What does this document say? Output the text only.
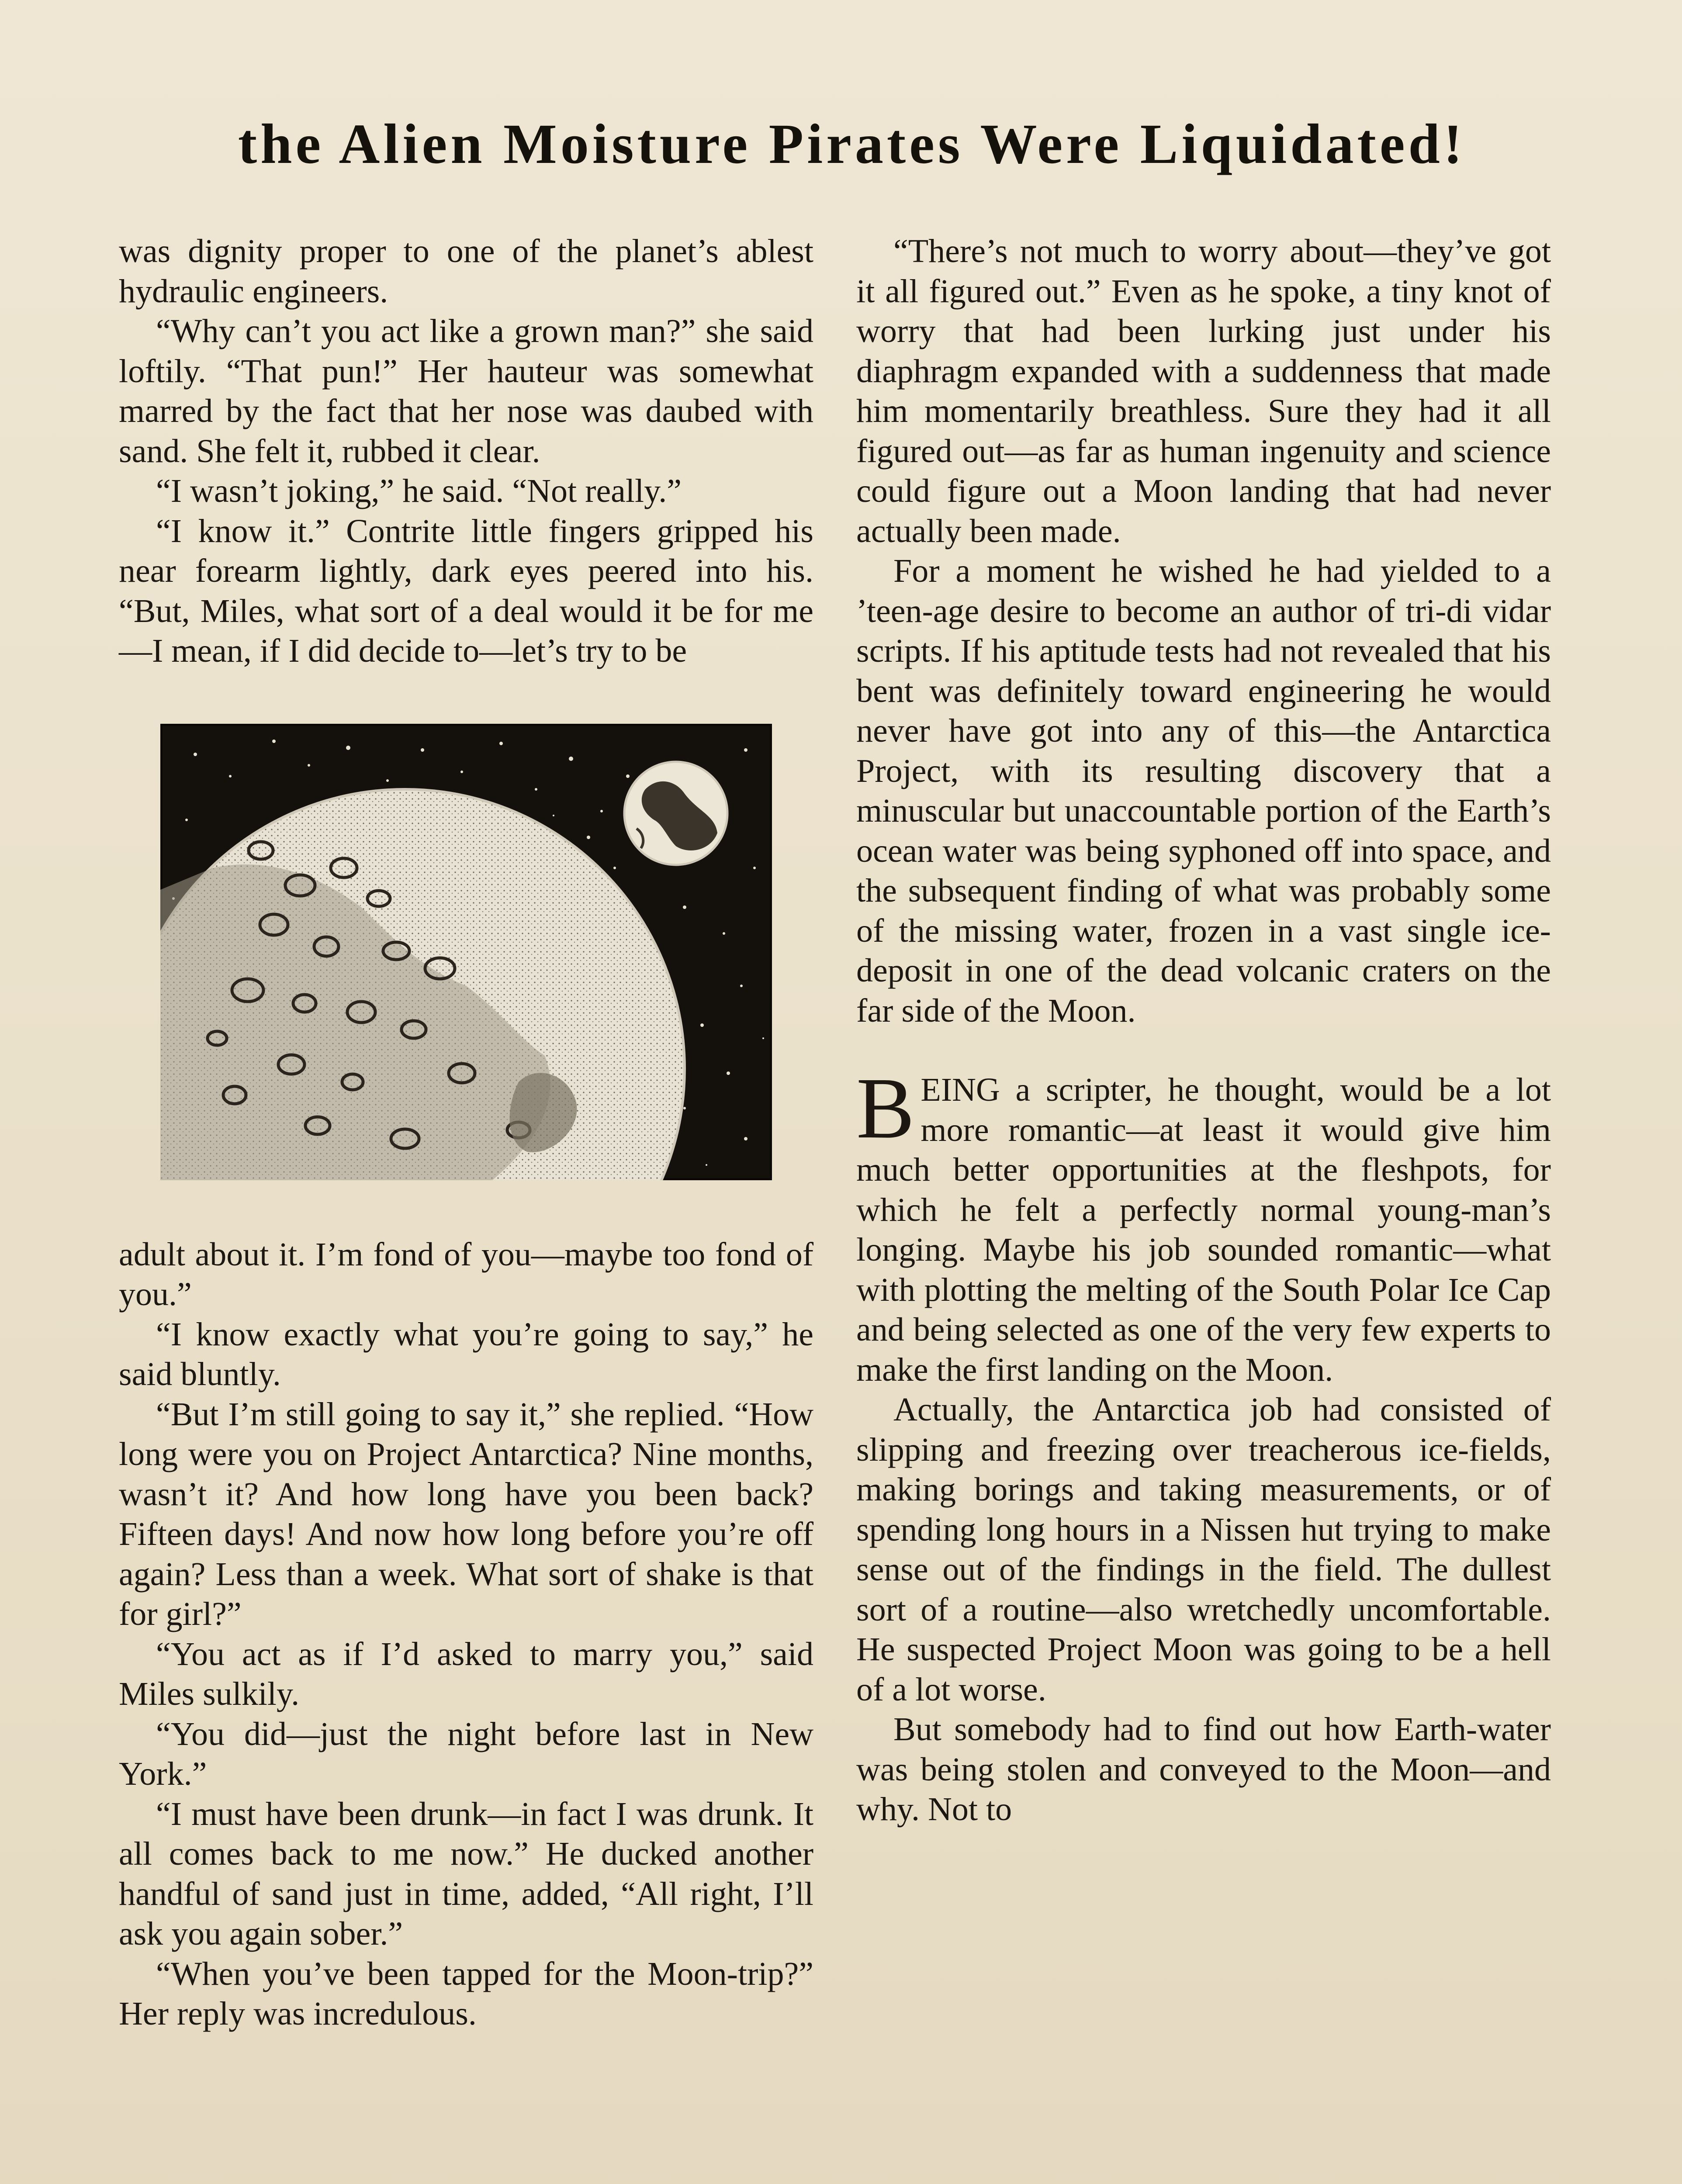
the Alien Moisture Pirates Were Liquidated!

was dignity proper to one of the planet’s ablest hydraulic engineers.

“Why can’t you act like a grown man?” she said loftily. “That pun!” Her hauteur was somewhat marred by the fact that her nose was daubed with sand. She felt it, rubbed it clear.

“I wasn’t joking,” he said. “Not really.”

“I know it.” Contrite little fingers gripped his near forearm lightly, dark eyes peered into his. “But, Miles, what sort of a deal would it be for me—I mean, if I did decide to—let’s try to be

adult about it. I’m fond of you—maybe too fond of you.”

“I know exactly what you’re going to say,” he said bluntly.

“But I’m still going to say it,” she replied. “How long were you on Project Antarctica? Nine months, wasn’t it? And how long have you been back? Fifteen days! And now how long before you’re off again? Less than a week. What sort of shake is that for girl?”

“You act as if I’d asked to marry you,” said Miles sulkily.

“You did—just the night before last in New York.”

“I must have been drunk—in fact I was drunk. It all comes back to me now.” He ducked another handful of sand just in time, added, “All right, I’ll ask you again sober.”

“When you’ve been tapped for the Moon-trip?” Her reply was incredulous.

“There’s not much to worry about—they’ve got it all figured out.” Even as he spoke, a tiny knot of worry that had been lurking just under his diaphragm expanded with a suddenness that made him momentarily breathless. Sure they had it all figured out—as far as human ingenuity and science could figure out a Moon landing that had never actually been made.

For a moment he wished he had yielded to a ’teen-age desire to become an author of tri-di vidar scripts. If his aptitude tests had not revealed that his bent was definitely toward engineering he would never have got into any of this—the Antarctica Project, with its resulting discovery that a minuscular but unaccountable portion of the Earth’s ocean water was being syphoned off into space, and the subsequent finding of what was probably some of the missing water, frozen in a vast single ice-deposit in one of the dead volcanic craters on the far side of the Moon.

BEING a scripter, he thought, would be a lot more romantic—at least it would give him much better opportunities at the fleshpots, for which he felt a perfectly normal young-man’s longing. Maybe his job sounded romantic—what with plotting the melting of the South Polar Ice Cap and being selected as one of the very few experts to make the first landing on the Moon.

Actually, the Antarctica job had consisted of slipping and freezing over treacherous ice-fields, making borings and taking measurements, or of spending long hours in a Nissen hut trying to make sense out of the findings in the field. The dullest sort of a routine—also wretchedly uncomfortable. He suspected Project Moon was going to be a hell of a lot worse.

But somebody had to find out how Earth-water was being stolen and conveyed to the Moon—and why. Not to
